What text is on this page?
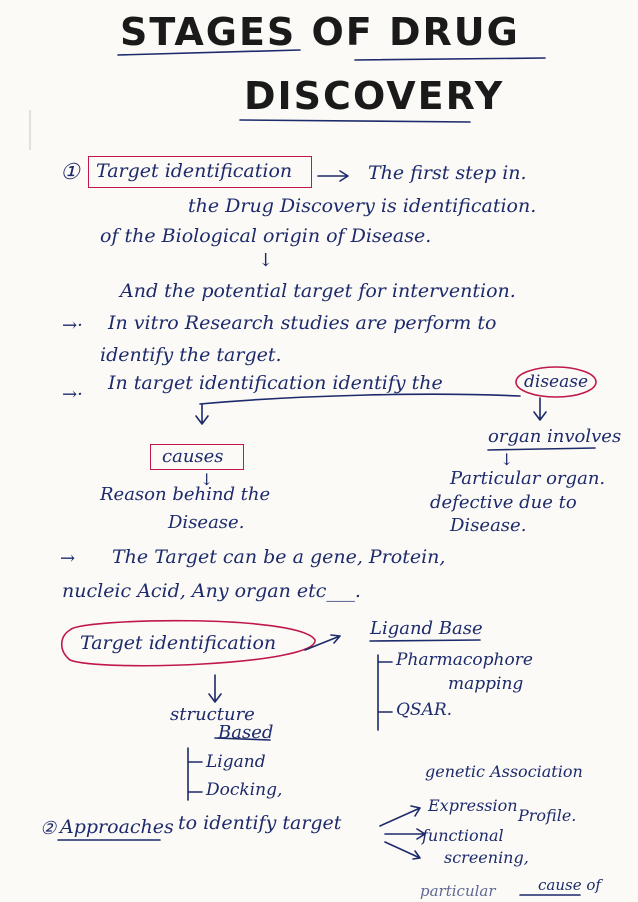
STAGES OF DRUG
DISCOVERY
① Target identification	The first step in.
the Drug Discovery is identification.
of the Biological origin of Disease.
↓
And the potential target for intervention.
→· In vitro Research studies are perform to
identify the target.
→·
In target identification identify the	disease
causes
↓
Reason behind the
Disease.
organ involves
↓
Particular organ.
defective due to
Disease.
→ The Target can be a gene, Protein,
nucleic Acid, Any organ etc___.
Target identification
Ligand Base
Pharmacophore
mapping
QSAR.
structure
Based
Ligand
Docking,
② Approaches to identify target
genetic Association
Expression
Profile.
functional
screening,
particular	cause of
